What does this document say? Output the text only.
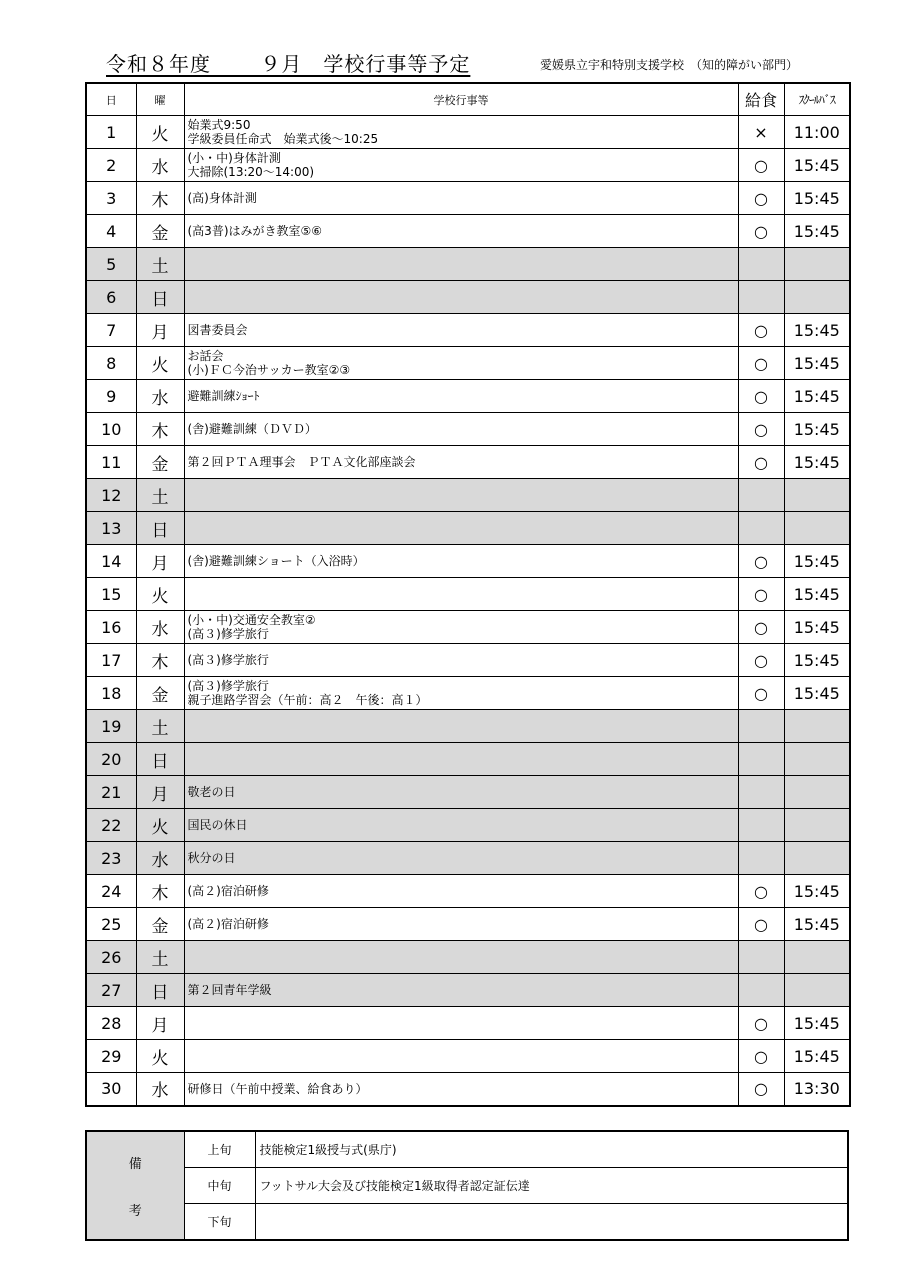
令和８年度　　 ９月　学校行事等予定	愛媛県立宇和特別支援学校　（知的障がい部門）
日	曜	学校行事等	給食	ｽｸｰﾙﾊﾞｽ
1	火	始業式9:50
学級委員任命式　始業式後～10:25	×	11:00
2	水	(小・中)身体計測
大掃除(13:20～14:00)	○	15:45
3	木	(高)身体計測	○	15:45
4	金	(高3普)はみがき教室⑤⑥	○	15:45
5	土	

6	日	

7	月	図書委員会	○	15:45
8	火	お話会
(小)ＦＣ今治サッカー教室②③	○	15:45
9	水	避難訓練ｼｮｰﾄ	○	15:45
10	木	(舎)避難訓練（ＤＶＤ）	○	15:45
11	金	第２回ＰＴＡ理事会　ＰＴＡ文化部座談会	○	15:45
12	土	

13	日	

14	月	(舎)避難訓練ショート（入浴時）	○	15:45
15	火		○	15:45
16	水	(小・中)交通安全教室②
(高３)修学旅行	○	15:45
17	木	(高３)修学旅行	○	15:45
18	金	(高３)修学旅行
親子進路学習会（午前：高２　午後：高１）	○	15:45
19	土	

20	日	

21	月	敬老の日		

22	火	国民の休日		

23	水	秋分の日		

24	木	(高２)宿泊研修	○	15:45
25	金	(高２)宿泊研修	○	15:45
26	土	

27	日	第２回青年学級		

28	月		○	15:45
29	火		○	15:45
30	水	研修日（午前中授業、給食あり）	○	13:30
備
考	上旬	技能検定1級授与式(県庁)
	中旬	フットサル大会及び技能検定1級取得者認定証伝達
	下旬	
